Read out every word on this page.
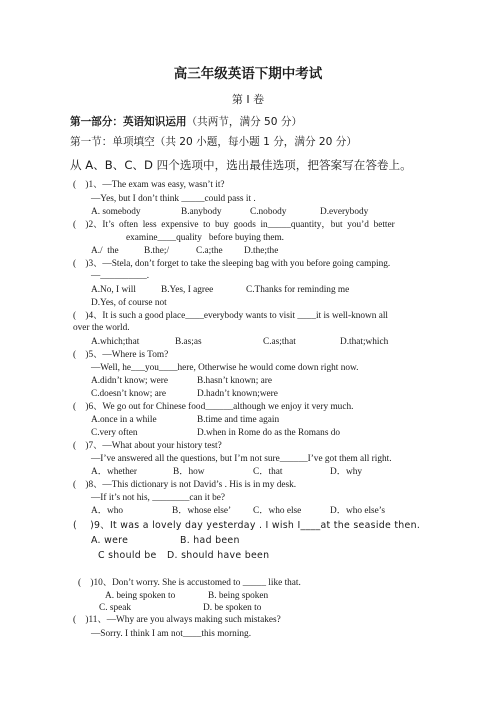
高三年级英语下期中考试
第 I 卷
第一部分：英语知识运用（共两节，满分 50 分）
第一节：单项填空（共 20 小题，每小题 1 分，满分 20 分）
从 A、B、C、D 四个选项中，选出最佳选项，把答案写在答卷上。
(    )1、—The exam was easy, wasn’t it?
—Yes, but I don’t think _____could pass it .
A. somebody	B.anybody	C.nobody	D.everybody
(    )2、It’s  often  less  expensive  to  buy  goods  in_____quantity，but  you’d  better
examine____quality   before buying them.
A./  the	B.the;/	C.a;the D.the;the
(    )3、—Stela, don’t forget to take the sleeping bag with you before going camping.
—__________.
A.No, I will	B.Yes, I agree	C.Thanks for reminding me
D.Yes, of course not
(    )4、It is such a good place____everybody wants to visit ____it is well-known all
over the world.
A.which;that	B.as;as	C.as;that	D.that;which
(    )5、—Where is Tom?
—Well, he___you____here, Otherwise he would come down right now.
A.didn’t know; were	B.hasn’t known; are
C.doesn’t know; are	D.hadn’t known;were
(    )6、We go out for Chinese food______although we enjoy it very much.
A.once in a while	B.time and time again
C.very often	D.when in Rome do as the Romans do
(    )7、—What about your history test?
—I’ve answered all the questions, but I’m not sure______I’ve got them all right.
A．whether	B．how	C．that	D．why
(    )8、—This dictionary is not David’s . His is in my desk.
—If it’s not his, ________can it be?
A．who	B．whose else’ C．who else	D．who else’s
(    )9、It was a lovely day yesterday . I wish I____at the seaside then.
A. were	B. had been
C should be D. should have been
(    )10、Don’t worry. She is accustomed to _____ like that.
A. being spoken to	B. being spoken
C. speak	D. be spoken to
(    )11、—Why are you always making such mistakes?
—Sorry. I think I am not____this morning.
